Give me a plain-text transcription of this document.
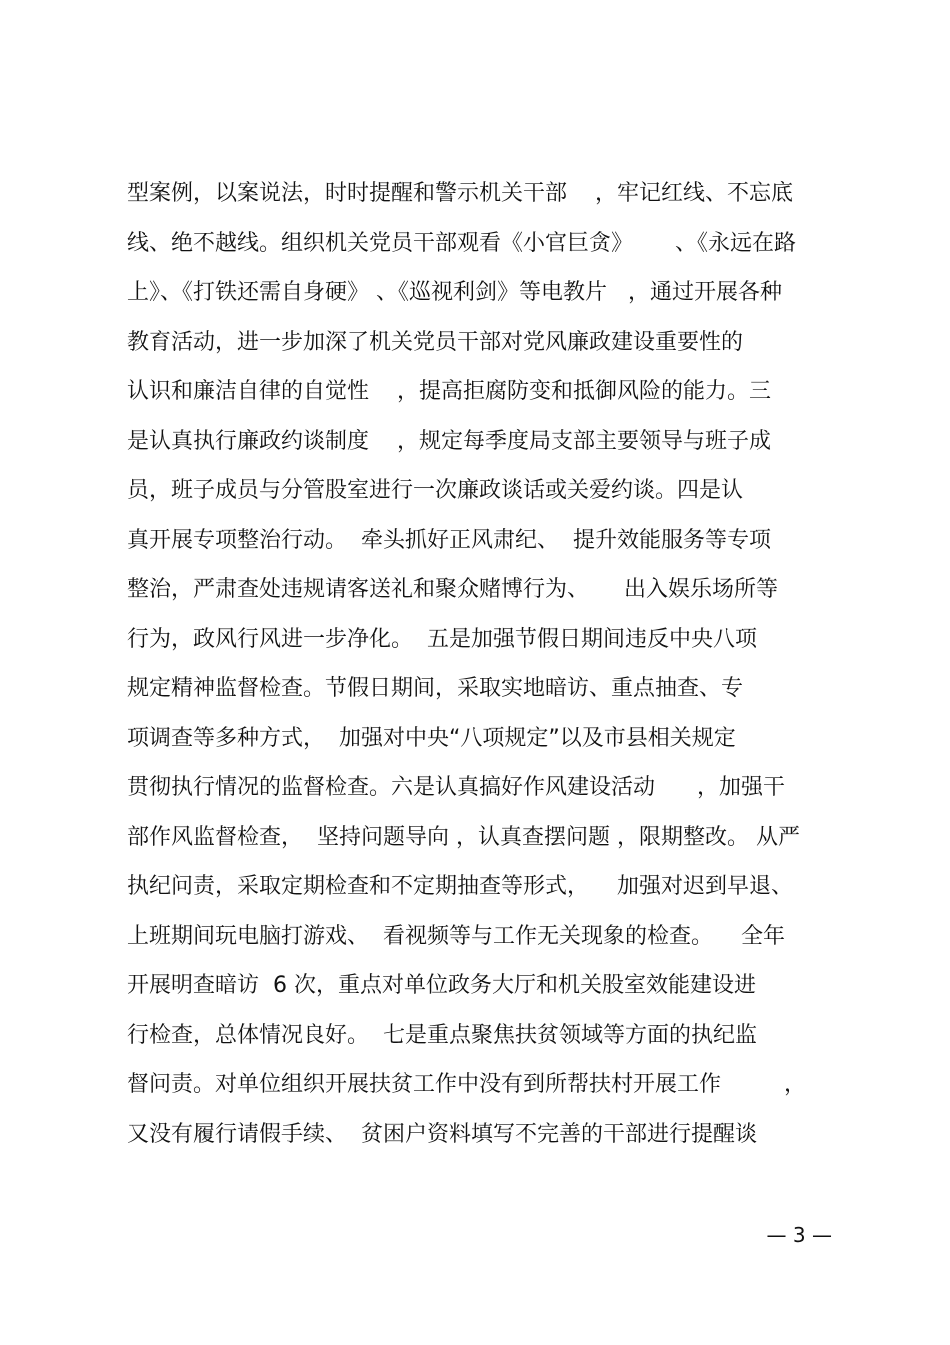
型案例，以案说法，时时提醒和警示机关干部    ，牢记红线、不忘底
线、绝不越线。组织机关党员干部观看《小官巨贪》      、《永远在路
上》、《打铁还需自身硬》 、《巡视利剑》等电教片   ，通过开展各种
教育活动，进一步加深了机关党员干部对党风廉政建设重要性的
认识和廉洁自律的自觉性    ，提高拒腐防变和抵御风险的能力。三
是认真执行廉政约谈制度    ，规定每季度局支部主要领导与班子成
员，班子成员与分管股室进行一次廉政谈话或关爱约谈。四是认
真开展专项整治行动。  牵头抓好正风肃纪、  提升效能服务等专项
整治，严肃查处违规请客送礼和聚众赌博行为、     出入娱乐场所等
行为，政风行风进一步净化。  五是加强节假日期间违反中央八项
规定精神监督检查。节假日期间，采取实地暗访、重点抽查、专
项调查等多种方式，  加强对中央“八项规定”以及市县相关规定
贯彻执行情况的监督检查。六是认真搞好作风建设活动      ，加强干
部作风监督检查，  坚持问题导向 ，认真查摆问题 ，限期整改。 从严
执纪问责，采取定期检查和不定期抽查等形式，    加强对迟到早退、
上班期间玩电脑打游戏、  看视频等与工作无关现象的检查。    全年
开展明查暗访  6 次，重点对单位政务大厅和机关股室效能建设进
行检查，总体情况良好。  七是重点聚焦扶贫领域等方面的执纪监
督问责。对单位组织开展扶贫工作中没有到所帮扶村开展工作         ，
又没有履行请假手续、  贫困户资料填写不完善的干部进行提醒谈
— 3 —
